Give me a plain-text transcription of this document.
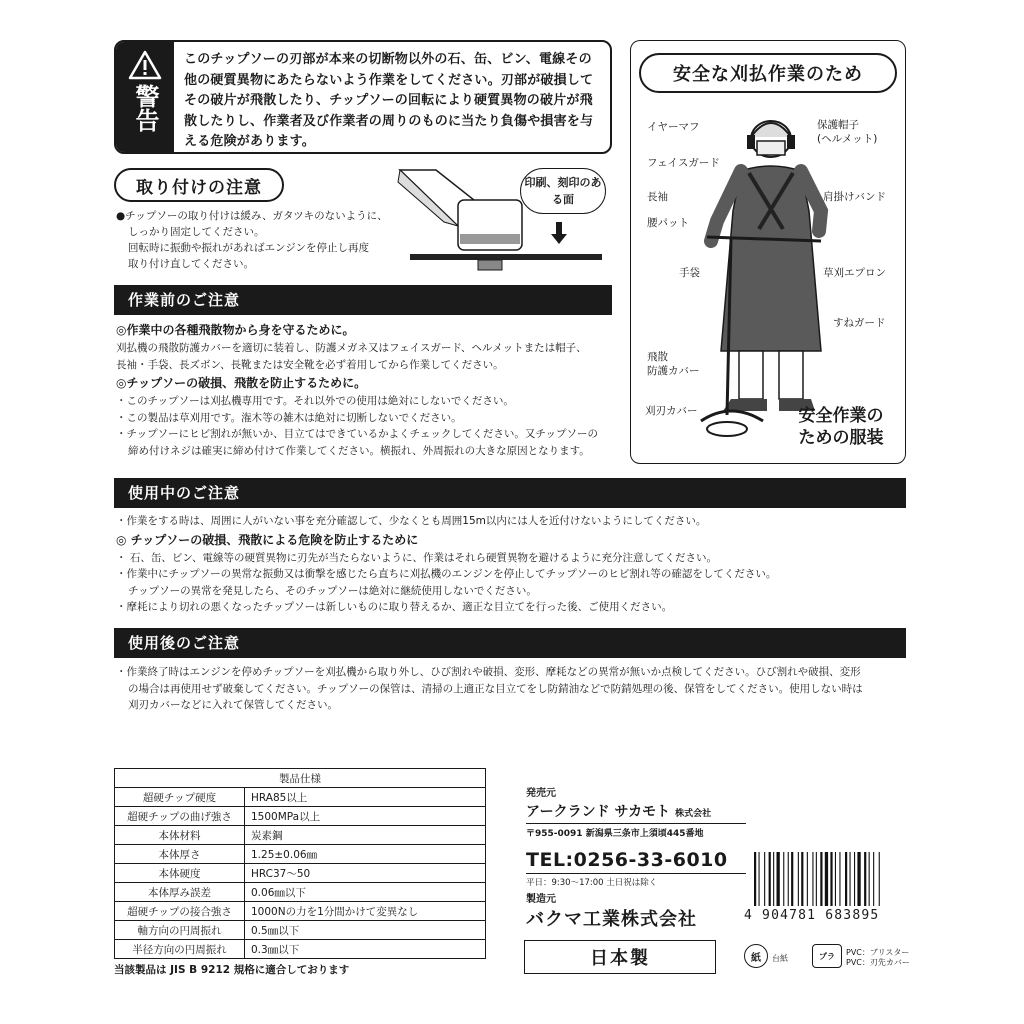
警告
このチップソーの刃部が本来の切断物以外の石、缶、ビン、電線その他の硬質異物にあたらないよう作業をしてください。刃部が破損してその破片が飛散したり、チップソーの回転により硬質異物の破片が飛散したりし、作業者及び作業者の周りのものに当たり負傷や損害を与える危険があります。
取り付けの注意
●チップソーの取り付けは緩み、ガタツキのないように、
しっかり固定してください。
回転時に振動や振れがあればエンジンを停止し再度
取り付け直してください。
印刷、刻印のある面
作業前のご注意
◎作業中の各種飛散物から身を守るために。
刈払機の飛散防護カバーを適切に装着し、防護メガネ又はフェイスガード、ヘルメットまたは帽子、
長袖・手袋、長ズボン、長靴または安全靴を必ず着用してから作業してください。
◎チップソーの破損、飛散を防止するために。
・このチップソーは刈払機専用です。それ以外での使用は絶対にしないでください。
・この製品は草刈用です。潅木等の雑木は絶対に切断しないでください。
・チップソーにヒビ割れが無いか、目立てはできているかよくチェックしてください。又チップソーの
締め付けネジは確実に締め付けて作業してください。横振れ、外周振れの大きな原因となります。
安全な刈払作業のため
イヤーマフ	保護帽子
(ヘルメット)
フェイスガード
長袖	肩掛けバンド
腰パット
手袋	草刈エプロン
すねガード
飛散
防護カバー
刈刃カバー	安全作業の
ための服装
使用中のご注意
・作業をする時は、周囲に人がいない事を充分確認して、少なくとも周囲15m以内には人を近付けないようにしてください。
◎ チップソーの破損、飛散による危険を防止するために
・ 石、缶、ビン、電線等の硬質異物に刃先が当たらないように、作業はそれら硬質異物を避けるように充分注意してください。
・作業中にチップソーの異常な振動又は衝撃を感じたら直ちに刈払機のエンジンを停止してチップソーのヒビ割れ等の確認をしてください。
チップソーの異常を発見したら、そのチップソーは絶対に継続使用しないでください。
・摩耗により切れの悪くなったチップソーは新しいものに取り替えるか、適正な目立てを行った後、ご使用ください。
使用後のご注意
・作業終了時はエンジンを停めチップソーを刈払機から取り外し、ひび割れや破損、変形、摩耗などの異常が無いか点検してください。ひび割れや破損、変形
の場合は再使用せず破棄してください。チップソーの保管は、清掃の上適正な目立てをし防錆油などで防錆処理の後、保管をしてください。使用しない時は
刈刃カバーなどに入れて保管してください。
製品仕様	
超硬チップ硬度	HRA85以上
超硬チップの曲げ強さ	1500MPa以上
本体材料	炭素鋼
本体厚さ	1.25±0.06㎜
本体硬度	HRC37～50
本体厚み誤差	0.06㎜以下
超硬チップの接合強さ	1000Nの力を1分間かけて変異なし
軸方向の円周振れ	0.5㎜以下
半径方向の円周振れ	0.3㎜以下
当該製品は JIS B 9212 規格に適合しております
発売元
アークランド サカモト 株式会社
〒955-0091 新潟県三条市上須頃445番地
TEL:0256-33-6010
平日：9:30～17:00 土日祝は除く
製造元
バクマ工業株式会社
日本製
4 904781 683895
紙	台紙	プラ	PVC：ブリスター
PVC：刃先カバー
